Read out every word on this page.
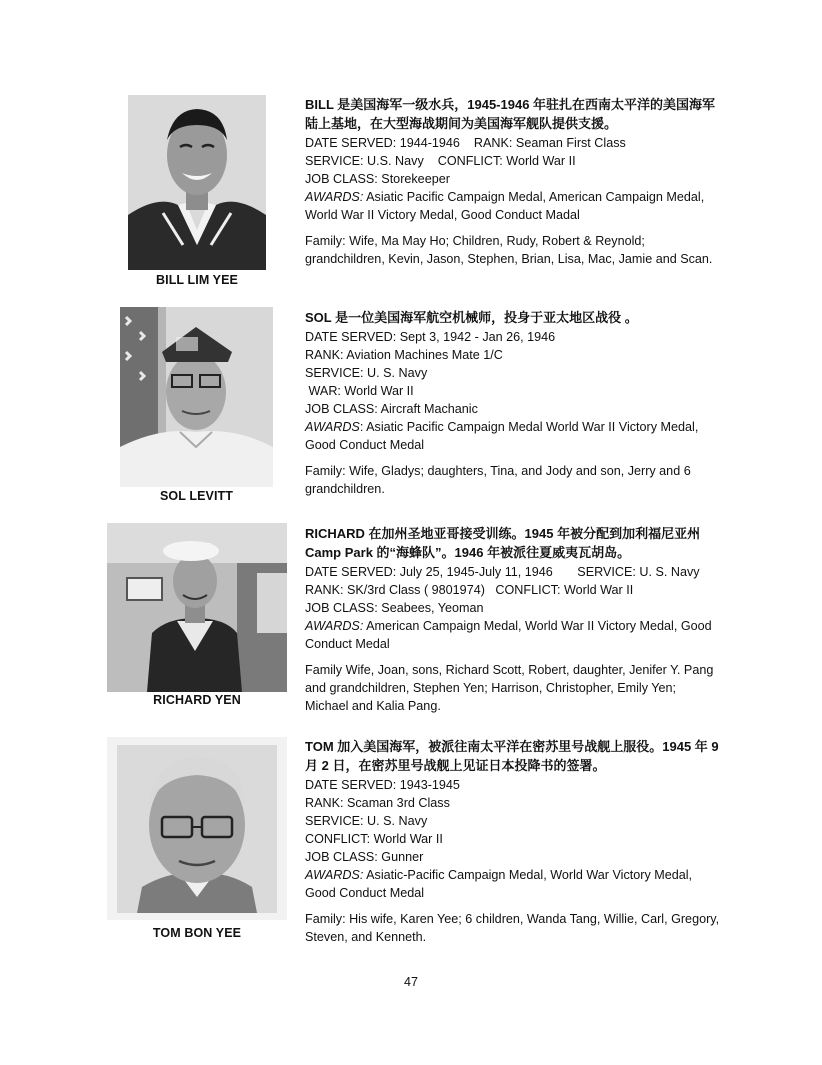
BILL LIM YEE

BILL 是美国海军一级水兵，1945-1946 年驻扎在西南太平洋的美国海军陆上基地，在大型海战期间为美国海军舰队提供支援。

DATE SERVED: 1944-1946    RANK: Seaman First Class

SERVICE: U.S. Navy    CONFLICT: World War II

JOB CLASS: Storekeeper

AWARDS: Asiatic Pacific Campaign Medal, American Campaign Medal, World War II Victory Medal, Good Conduct Madal

Family: Wife, Ma May Ho; Children, Rudy, Robert & Reynold; grandchildren, Kevin, Jason, Stephen, Brian, Lisa, Mac, Jamie and Scan.

SOL LEVITT

SOL 是一位美国海军航空机械师，投身于亚太地区战役 。

DATE SERVED: Sept 3, 1942 - Jan 26, 1946

RANK: Aviation Machines Mate 1/C

SERVICE: U. S. Navy

WAR: World War II

JOB CLASS: Aircraft Machanic

AWARDS: Asiatic Pacific Campaign Medal World War II Victory Medal, Good Conduct Medal

Family: Wife, Gladys; daughters, Tina, and Jody and son, Jerry and 6 grandchildren.

RICHARD YEN

RICHARD 在加州圣地亚哥接受训练。1945 年被分配到加利福尼亚州 Camp Park 的“海蜂队”。1946 年被派往夏威夷瓦胡岛。

DATE SERVED: July 25, 1945-July 11, 1946       SERVICE: U. S. Navy

RANK: SK/3rd Class ( 9801974)   CONFLICT: World War II

JOB CLASS: Seabees, Yeoman

AWARDS: American Campaign Medal, World War II Victory Medal, Good Conduct Medal

Family Wife, Joan, sons, Richard Scott, Robert, daughter, Jenifer Y. Pang and grandchildren, Stephen Yen; Harrison, Christopher, Emily Yen; Michael and Kalia Pang.

TOM BON YEE

TOM 加入美国海军，被派往南太平洋在密苏里号战舰上服役。1945 年 9 月 2 日，在密苏里号战舰上见证日本投降书的签署。

DATE SERVED: 1943-1945

RANK: Scaman 3rd Class

SERVICE: U. S. Navy

CONFLICT: World War II

JOB CLASS: Gunner

AWARDS: Asiatic-Pacific Campaign Medal, World War Victory Medal, Good Conduct Medal

Family: His wife, Karen Yee; 6 children, Wanda Tang, Willie, Carl, Gregory, Steven, and Kenneth.

47
